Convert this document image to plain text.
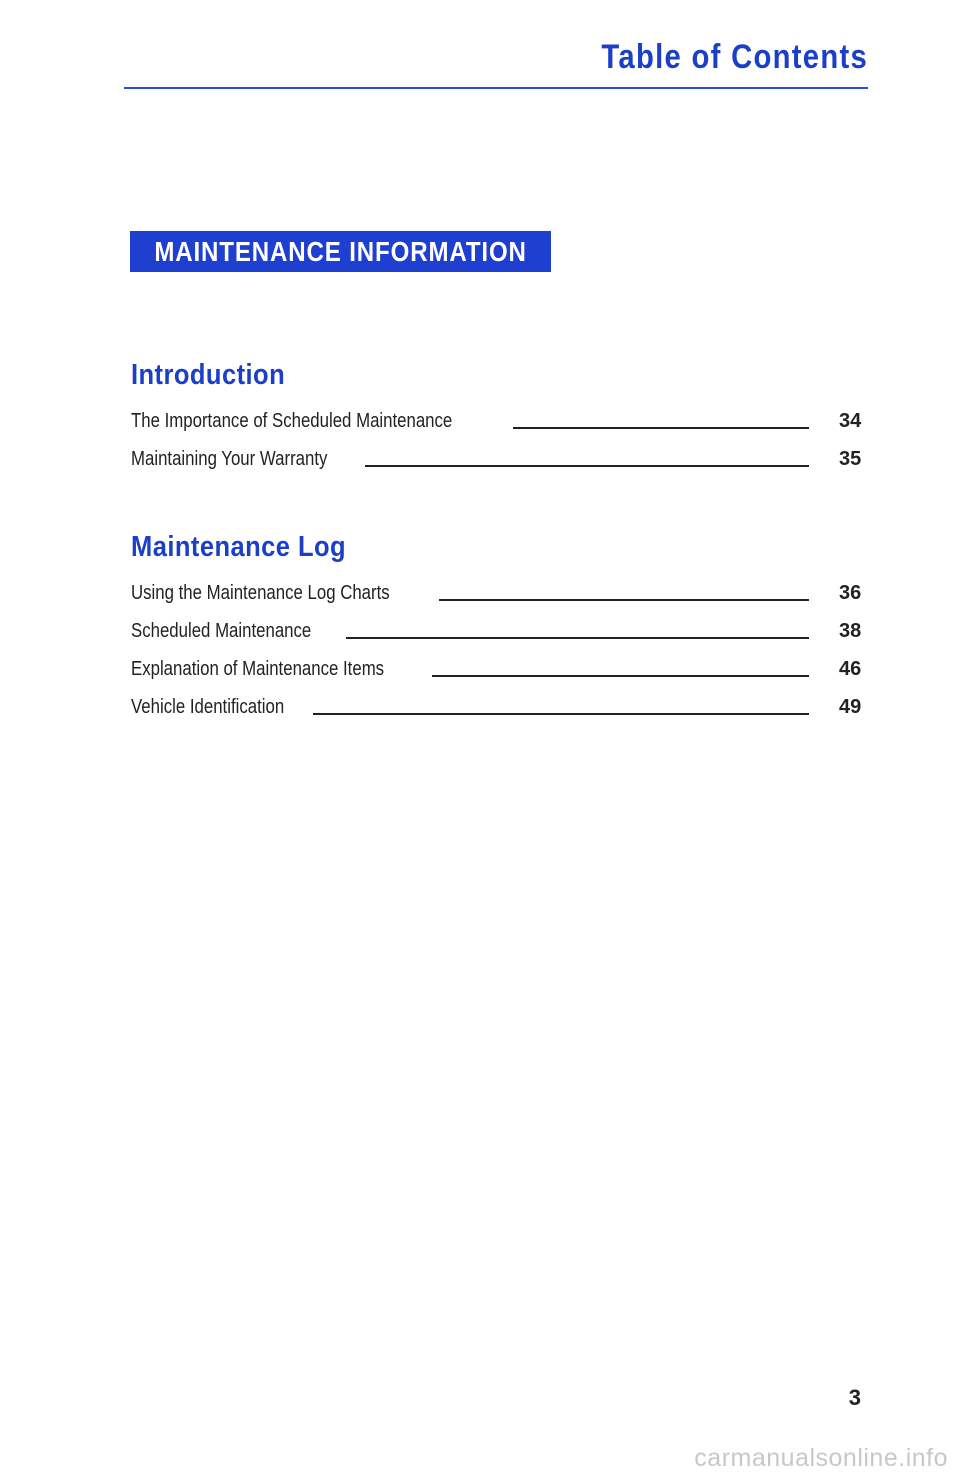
Table of Contents
MAINTENANCE INFORMATION
Introduction
The Importance of Scheduled Maintenance	34
Maintaining Your Warranty	35
Maintenance Log
Using the Maintenance Log Charts	36
Scheduled Maintenance	38
Explanation of Maintenance Items	46
Vehicle Identification	49
3
carmanualsonline.info
